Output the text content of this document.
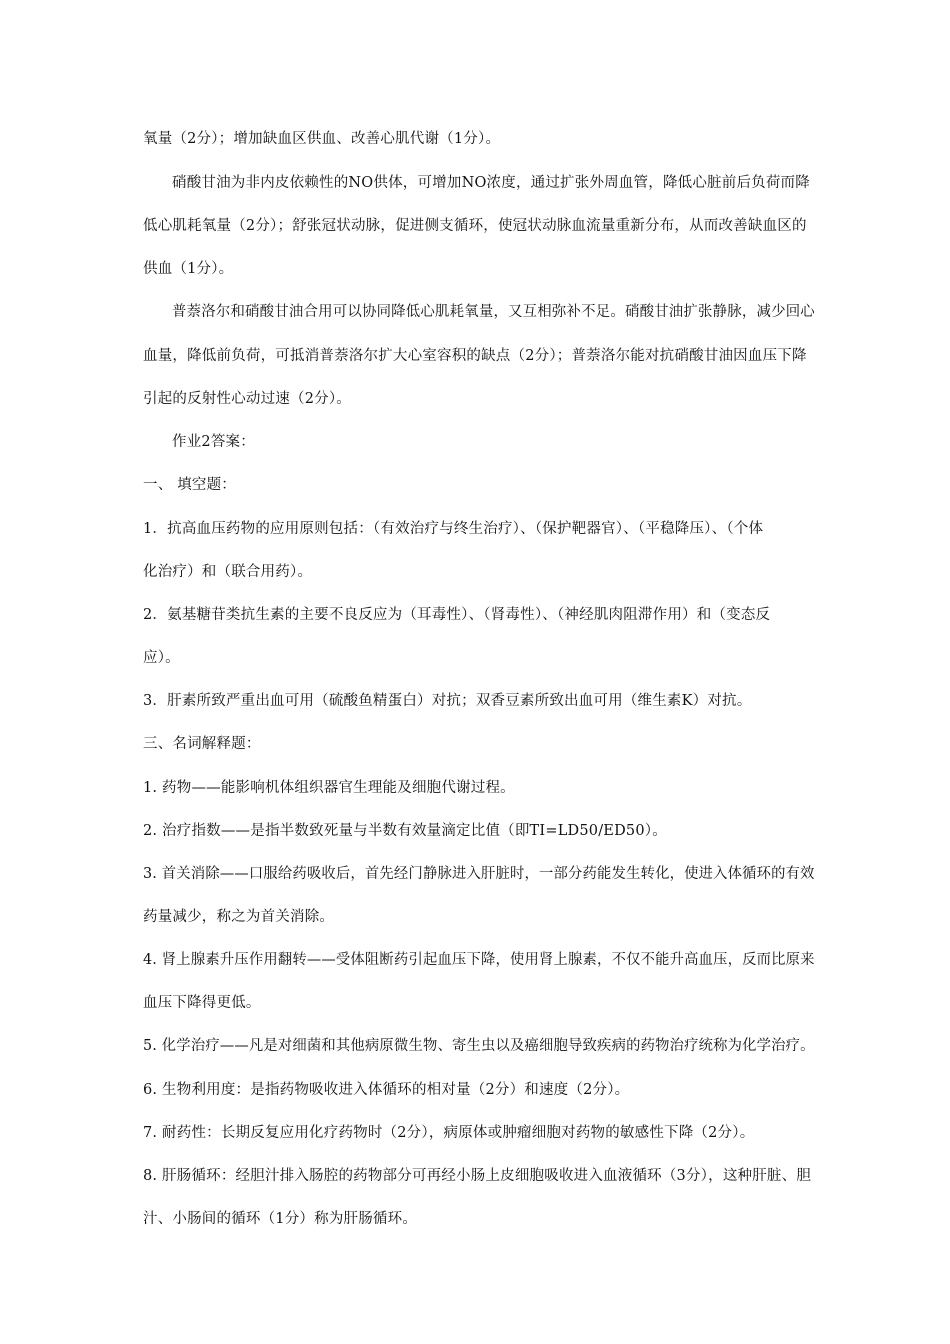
氧量（2分）；增加缺血区供血、改善心肌代谢（1分）。
硝酸甘油为非内皮依赖性的NO供体，可增加NO浓度，通过扩张外周血管，降低心脏前后负荷而降
低心肌耗氧量（2分）；舒张冠状动脉，促进侧支循环，使冠状动脉血流量重新分布，从而改善缺血区的
供血（1分）。
普萘洛尔和硝酸甘油合用可以协同降低心肌耗氧量，又互相弥补不足。硝酸甘油扩张静脉，减少回心
血量，降低前负荷，可抵消普萘洛尔扩大心室容积的缺点（2分）；普萘洛尔能对抗硝酸甘油因血压下降
引起的反射性心动过速（2分）。
作业2答案：
一、 填空题：
1．抗高血压药物的应用原则包括：（有效治疗与终生治疗）、（保护靶器官）、（平稳降压）、（个体
化治疗）和（联合用药）。
2．氨基糖苷类抗生素的主要不良反应为（耳毒性）、（肾毒性）、（神经肌肉阻滞作用）和（变态反
应）。
3．肝素所致严重出血可用（硫酸鱼精蛋白）对抗；双香豆素所致出血可用（维生素K）对抗。
三、名词解释题：
1. 药物——能影响机体组织器官生理能及细胞代谢过程。
2. 治疗指数——是指半数致死量与半数有效量滴定比值（即TI=LD50/ED50）。
3. 首关消除——口服给药吸收后，首先经门静脉进入肝脏时，一部分药能发生转化，使进入体循环的有效
药量减少，称之为首关消除。
4. 肾上腺素升压作用翻转——受体阻断药引起血压下降，使用肾上腺素，不仅不能升高血压，反而比原来
血压下降得更低。
5. 化学治疗——凡是对细菌和其他病原微生物、寄生虫以及癌细胞导致疾病的药物治疗统称为化学治疗。
6. 生物利用度：是指药物吸收进入体循环的相对量（2分）和速度（2分）。
7. 耐药性：长期反复应用化疗药物时（2分），病原体或肿瘤细胞对药物的敏感性下降（2分）。
8. 肝肠循环：经胆汁排入肠腔的药物部分可再经小肠上皮细胞吸收进入血液循环（3分），这种肝脏、胆
汁、小肠间的循环（1分）称为肝肠循环。
